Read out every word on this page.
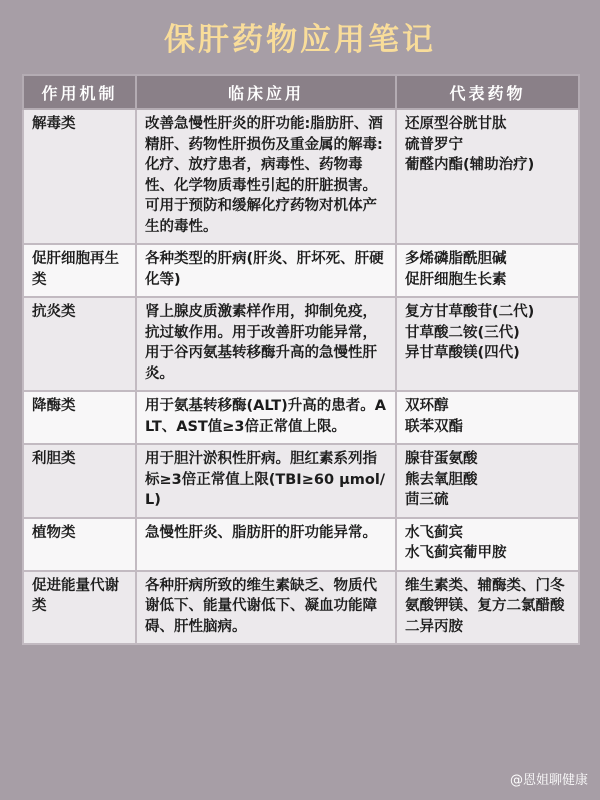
保肝药物应用笔记
作用机制	临床应用	代表药物
解毒类	改善急慢性肝炎的肝功能:脂肪肝、酒精肝、药物性肝损伤及重金属的解毒:化疗、放疗患者，病毒性、药物毒性、化学物质毒性引起的肝脏损害。可用于预防和缓解化疗药物对机体产生的毒性。	还原型谷胱甘肽
硫普罗宁
葡醛内酯(辅助治疗)

促肝细胞再生类	各种类型的肝病(肝炎、肝坏死、肝硬化等)	多烯磷脂酰胆碱
促肝细胞生长素

抗炎类	肾上腺皮质激素样作用，抑制免疫，抗过敏作用。用于改善肝功能异常，用于谷丙氨基转移酶升高的急慢性肝炎。	复方甘草酸苷(二代)
甘草酸二铵(三代)
异甘草酸镁(四代)

降酶类	用于氨基转移酶(ALT)升高的患者。ALT、AST值≥3倍正常值上限。	双环醇
联苯双酯

利胆类	用于胆汁淤积性肝病。胆红素系列指标≥3倍正常值上限(TBI≥60 μmol/L)	腺苷蛋氨酸
熊去氧胆酸
茴三硫

植物类	急慢性肝炎、脂肪肝的肝功能异常。	水飞蓟宾
水飞蓟宾葡甲胺

促进能量代谢类	各种肝病所致的维生素缺乏、物质代谢低下、能量代谢低下、凝血功能障碍、肝性脑病。	维生素类、辅酶类、门冬氨酸钾镁、复方二氯醋酸二异丙胺
@恩姐聊健康
